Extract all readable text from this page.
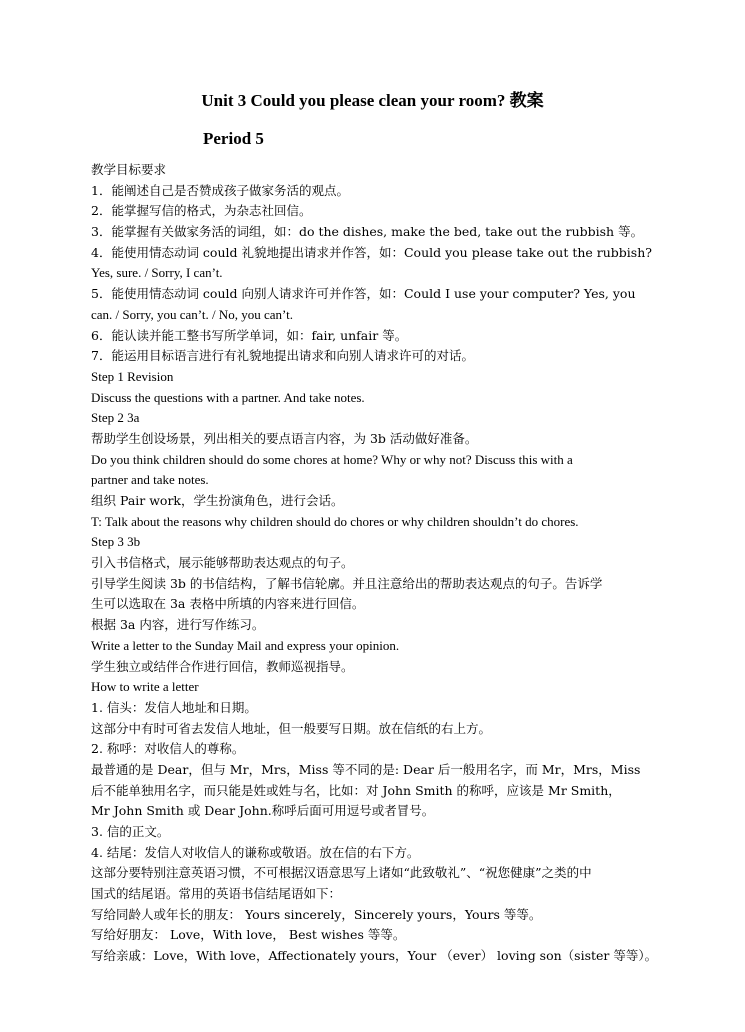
Unit 3 Could you please clean your room? 教案
Period 5
教学目标要求
1．能阐述自己是否赞成孩子做家务活的观点。
2．能掌握写信的格式，为杂志社回信。
3．能掌握有关做家务活的词组，如：do the dishes, make the bed, take out the rubbish 等。
4．能使用情态动词 could 礼貌地提出请求并作答，如：Could you please take out the rubbish?
Yes, sure. / Sorry, I can’t.
5．能使用情态动词 could 向别人请求许可并作答，如：Could I use your computer? Yes, you
can. / Sorry, you can’t. / No, you can’t.
6．能认读并能工整书写所学单词，如：fair, unfair 等。
7．能运用目标语言进行有礼貌地提出请求和向别人请求许可的对话。
Step 1 Revision
Discuss the questions with a partner. And take notes.
Step 2 3a
帮助学生创设场景，列出相关的要点语言内容，为 3b 活动做好准备。
Do you think children should do some chores at home? Why or why not? Discuss this with a
partner and take notes.
组织 Pair work，学生扮演角色，进行会话。
T: Talk about the reasons why children should do chores or why children shouldn’t do chores.
Step 3 3b
引入书信格式，展示能够帮助表达观点的句子。
引导学生阅读 3b 的书信结构，了解书信轮廓。并且注意给出的帮助表达观点的句子。告诉学
生可以选取在 3a 表格中所填的内容来进行回信。
根据 3a 内容，进行写作练习。
Write a letter to the Sunday Mail and express your opinion.
学生独立或结伴合作进行回信，教师巡视指导。
How to write a letter
1. 信头：发信人地址和日期。
这部分中有时可省去发信人地址，但一般要写日期。放在信纸的右上方。
2. 称呼：对收信人的尊称。
最普通的是 Dear，但与 Mr，Mrs，Miss 等不同的是: Dear 后一般用名字，而 Mr，Mrs，Miss
后不能单独用名字，而只能是姓或姓与名，比如：对 John Smith 的称呼，应该是 Mr Smith，
Mr John Smith 或 Dear John.称呼后面可用逗号或者冒号。
3. 信的正文。
4. 结尾：发信人对收信人的谦称或敬语。放在信的右下方。
这部分要特别注意英语习惯，不可根据汉语意思写上诸如“此致敬礼”、“祝您健康”之类的中
国式的结尾语。常用的英语书信结尾语如下：
写给同龄人或年长的朋友： Yours sincerely，Sincerely yours，Yours 等等。
写给好朋友： Love，With love， Best wishes 等等。
写给亲戚：Love，With love，Affectionately yours，Your （ever） loving son（sister 等等）。
